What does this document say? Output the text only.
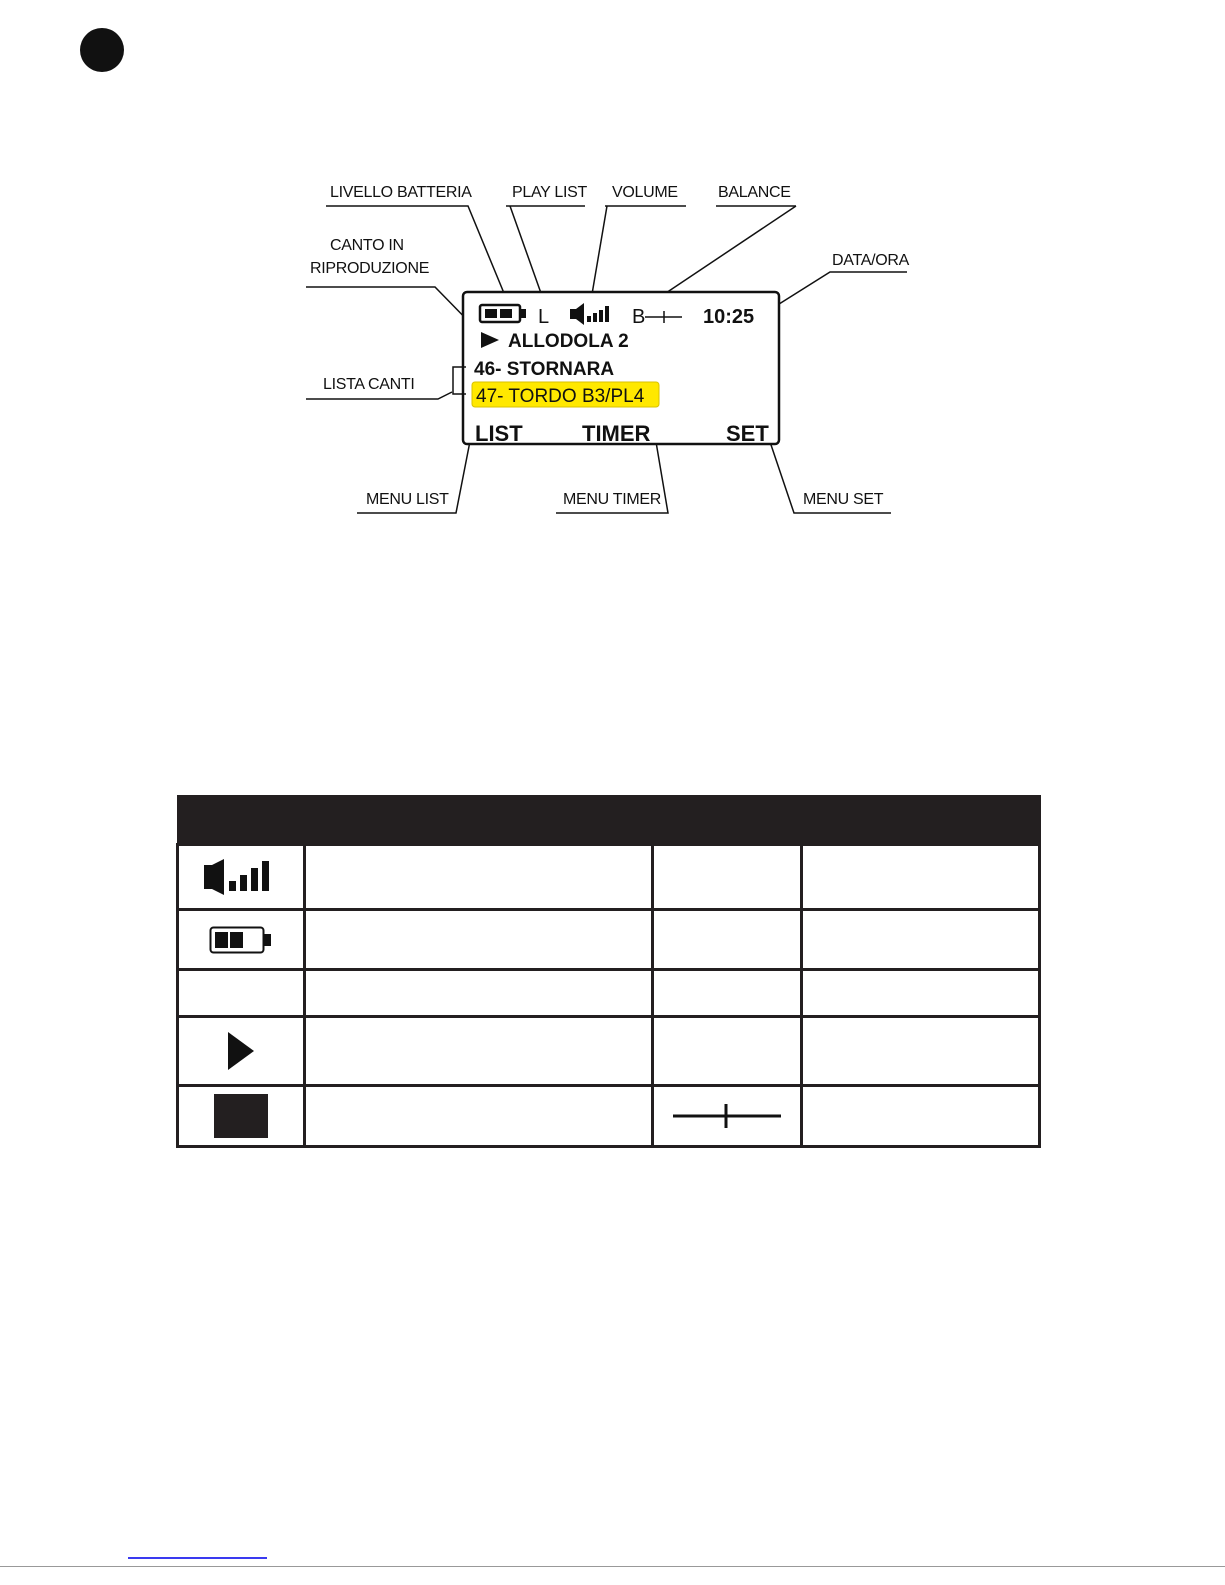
LIVELLO BATTERIA	PLAY LIST VOLUME	BALANCE
CANTO IN
RIPRODUZIONE	DATA/ORA
LISTA CANTI
MENU LIST	MENU TIMER	MENU SET
L	B	10:25
ALLODOLA 2
46- STORNARA
47- TORDO B3/PL4
LIST	TIMER	SET
